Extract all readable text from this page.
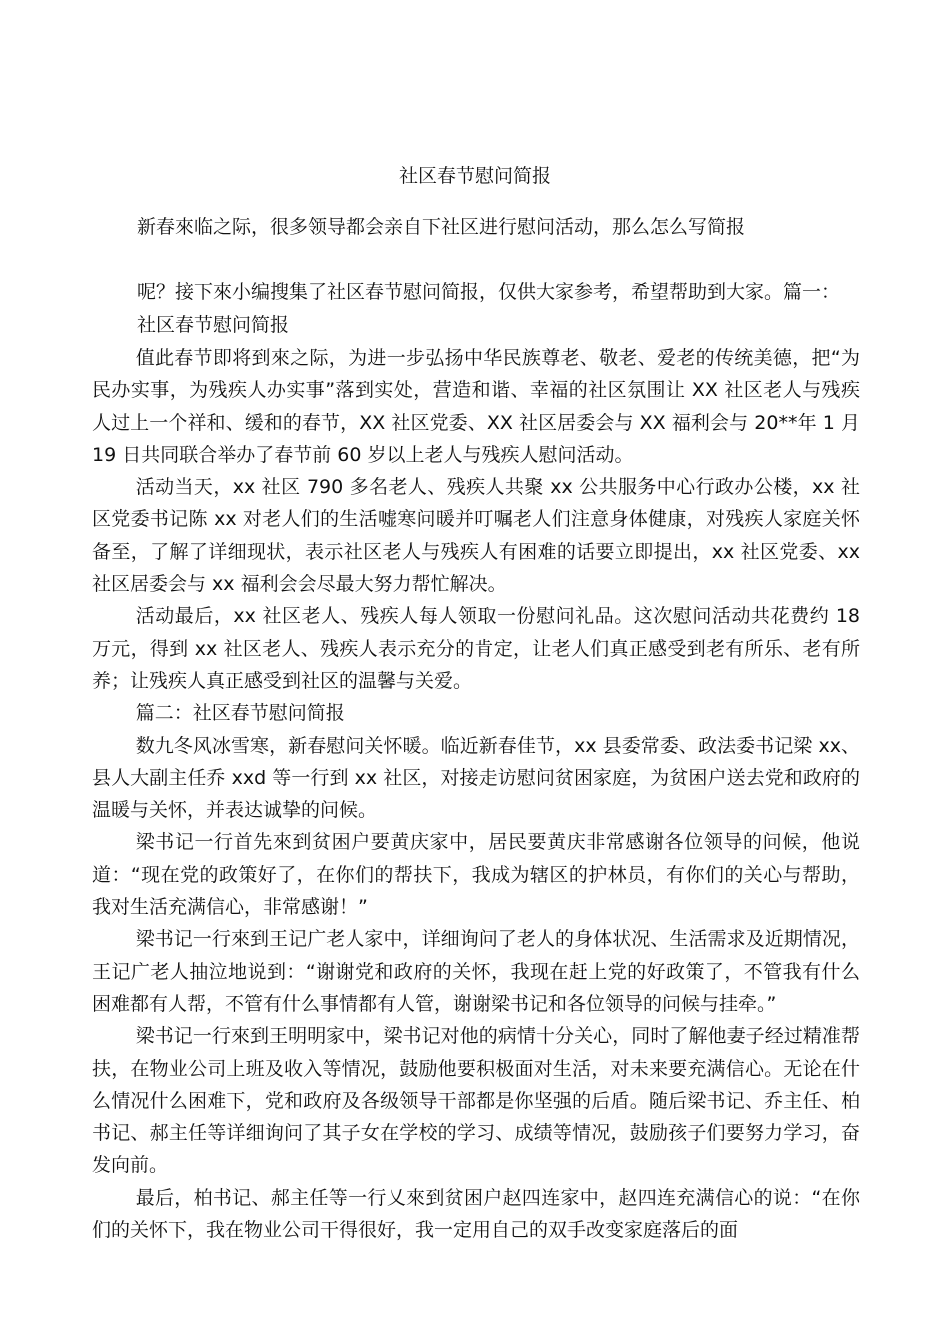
社区春节慰问简报
新春來临之际，很多领导都会亲自下社区进行慰问活动，那么怎么写简报
呢？接下來小编搜集了社区春节慰问简报，仅供大家参考，希望帮助到大家。篇一：
社区春节慰问简报

值此春节即将到來之际，为进一步弘扬中华民族尊老、敬老、爱老的传统美德，把“为民办实事，为残疾人办实事”落到实处，营造和谐、幸福的社区氛围让 XX 社区老人与残疾人过上一个祥和、缓和的春节，XX 社区党委、XX 社区居委会与 XX 福利会与 20**年 1 月 19 日共同联合举办了春节前 60 岁以上老人与残疾人慰问活动。

活动当天，xx 社区 790 多名老人、残疾人共聚 xx 公共服务中心行政办公楼，xx 社区党委书记陈 xx 对老人们的生活嘘寒问暖并叮嘱老人们注意身体健康，对残疾人家庭关怀备至，了解了详细现状，表示社区老人与残疾人有困难的话要立即提出，xx 社区党委、xx 社区居委会与 xx 福利会会尽最大努力帮忙解决。

活动最后，xx 社区老人、残疾人每人领取一份慰问礼品。这次慰问活动共花费约 18 万元，得到 xx 社区老人、残疾人表示充分的肯定，让老人们真正感受到老有所乐、老有所养；让残疾人真正感受到社区的温馨与关爱。

篇二：社区春节慰问简报

数九冬风冰雪寒，新春慰问关怀暖。临近新春佳节，xx 县委常委、政法委书记梁 xx、县人大副主任乔 xxd 等一行到 xx 社区，对接走访慰问贫困家庭，为贫困户送去党和政府的温暖与关怀，并表达诚挚的问候。

梁书记一行首先來到贫困户要黄庆家中，居民要黄庆非常感谢各位领导的问候，他说道：“现在党的政策好了，在你们的帮扶下，我成为辖区的护林员，有你们的关心与帮助，我对生活充满信心，非常感谢！”

梁书记一行來到王记广老人家中，详细询问了老人的身体状况、生活需求及近期情况，王记广老人抽泣地说到：“谢谢党和政府的关怀，我现在赶上党的好政策了，不管我有什么困难都有人帮，不管有什么事情都有人管，谢谢梁书记和各位领导的问候与挂牵。”

梁书记一行來到王明明家中，梁书记对他的病情十分关心，同时了解他妻子经过精准帮扶，在物业公司上班及收入等情况，鼓励他要积极面对生活，对未来要充满信心。无论在什么情况什么困难下，党和政府及各级领导干部都是你坚强的后盾。随后梁书记、乔主任、柏书记、郝主任等详细询问了其子女在学校的学习、成绩等情况，鼓励孩子们要努力学习，奋发向前。

最后，柏书记、郝主任等一行乂來到贫困户赵四连家中，赵四连充满信心的说：“在你们的关怀下，我在物业公司干得很好，我一定用自己的双手改变家庭落后的面
